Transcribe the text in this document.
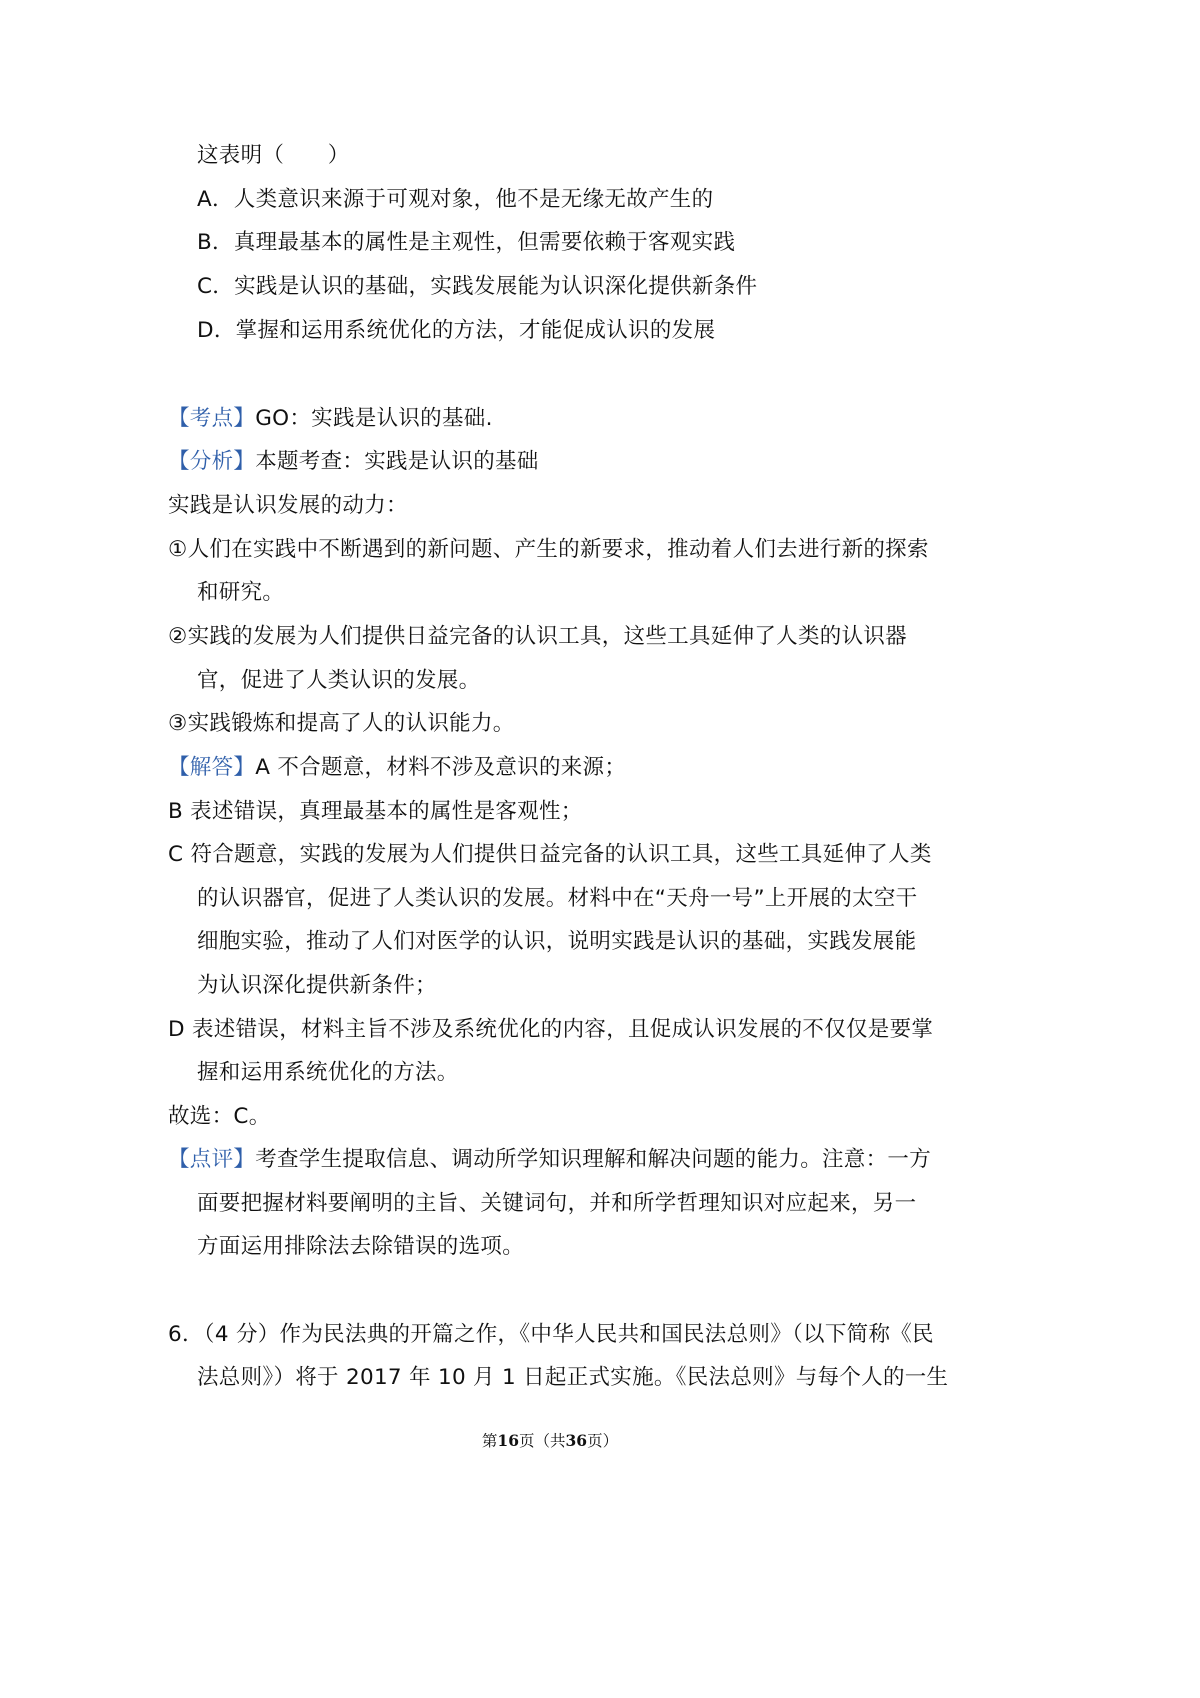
这表明（　　）
A．人类意识来源于可观对象，他不是无缘无故产生的
B．真理最基本的属性是主观性，但需要依赖于客观实践
C．实践是认识的基础，实践发展能为认识深化提供新条件
D．掌握和运用系统优化的方法，才能促成认识的发展
【考点】GO：实践是认识的基础.
【分析】本题考查：实践是认识的基础
实践是认识发展的动力：
①人们在实践中不断遇到的新问题、产生的新要求，推动着人们去进行新的探索
和研究。
②实践的发展为人们提供日益完备的认识工具，这些工具延伸了人类的认识器
官，促进了人类认识的发展。
③实践锻炼和提高了人的认识能力。
【解答】A 不合题意，材料不涉及意识的来源；
B 表述错误，真理最基本的属性是客观性；
C 符合题意，实践的发展为人们提供日益完备的认识工具，这些工具延伸了人类
的认识器官，促进了人类认识的发展。材料中在“天舟一号”上开展的太空干
细胞实验，推动了人们对医学的认识，说明实践是认识的基础，实践发展能
为认识深化提供新条件；
D 表述错误，材料主旨不涉及系统优化的内容，且促成认识发展的不仅仅是要掌
握和运用系统优化的方法。
故选：C。
【点评】考查学生提取信息、调动所学知识理解和解决问题的能力。注意：一方
面要把握材料要阐明的主旨、关键词句，并和所学哲理知识对应起来，另一
方面运用排除法去除错误的选项。
6．（4 分）作为民法典的开篇之作，《中华人民共和国民法总则》（以下简称《民
法总则》）将于 2017 年 10 月 1 日起正式实施。《民法总则》与每个人的一生
第16页（共36页）
